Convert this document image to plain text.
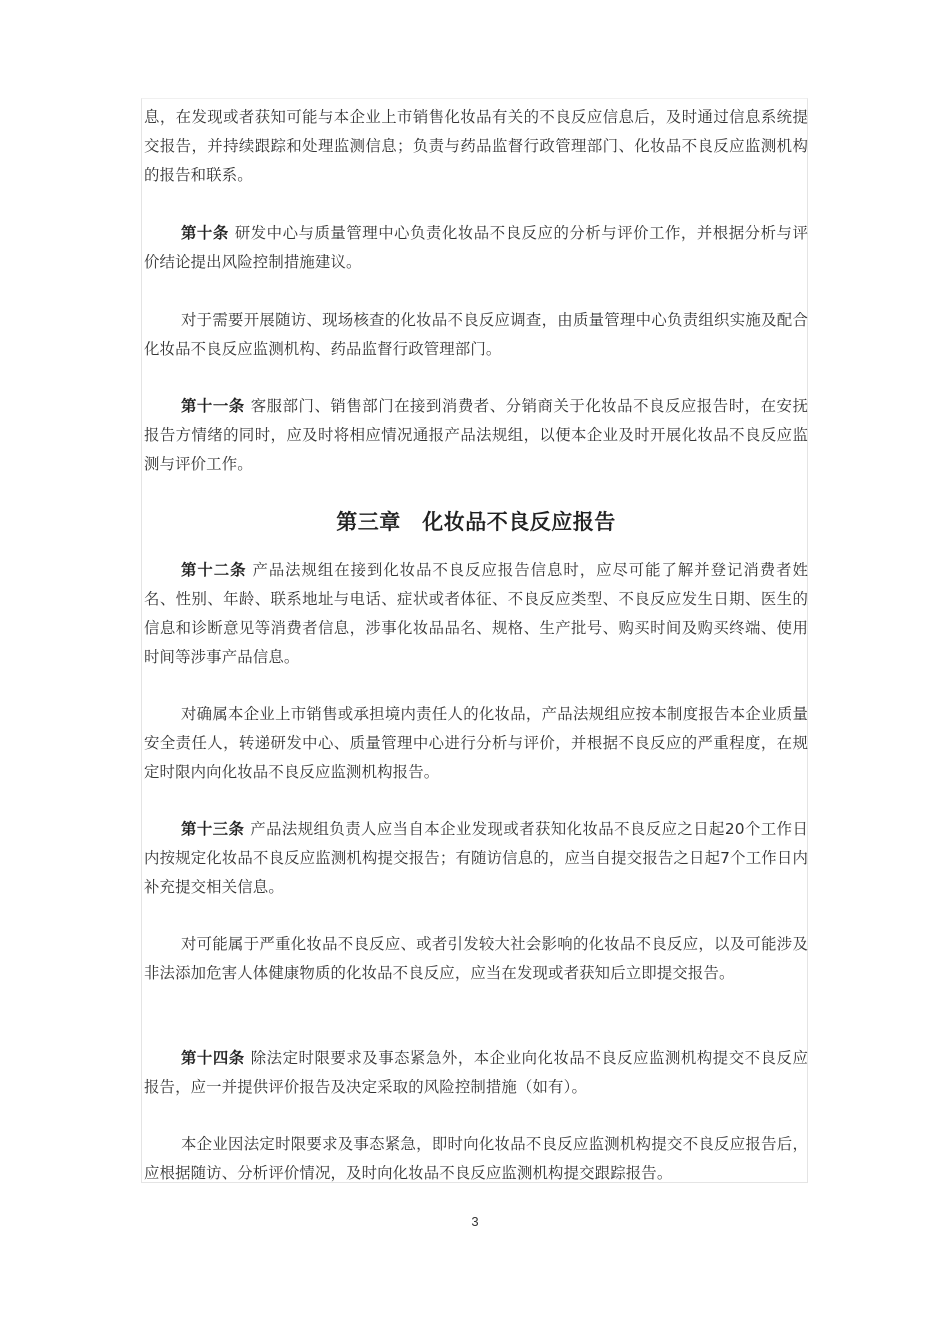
息，在发现或者获知可能与本企业上市销售化妆品有关的不良反应信息后，及时通过信息系统提交报告，并持续跟踪和处理监测信息；负责与药品监督行政管理部门、化妆品不良反应监测机构的报告和联系。

第十条 研发中心与质量管理中心负责化妆品不良反应的分析与评价工作，并根据分析与评价结论提出风险控制措施建议。

对于需要开展随访、现场核查的化妆品不良反应调查，由质量管理中心负责组织实施及配合化妆品不良反应监测机构、药品监督行政管理部门。

第十一条 客服部门、销售部门在接到消费者、分销商关于化妆品不良反应报告时，在安抚报告方情绪的同时，应及时将相应情况通报产品法规组，以便本企业及时开展化妆品不良反应监测与评价工作。

第三章　化妆品不良反应报告

第十二条 产品法规组在接到化妆品不良反应报告信息时，应尽可能了解并登记消费者姓名、性别、年龄、联系地址与电话、症状或者体征、不良反应类型、不良反应发生日期、医生的信息和诊断意见等消费者信息，涉事化妆品品名、规格、生产批号、购买时间及购买终端、使用时间等涉事产品信息。

对确属本企业上市销售或承担境内责任人的化妆品，产品法规组应按本制度报告本企业质量安全责任人，转递研发中心、质量管理中心进行分析与评价，并根据不良反应的严重程度，在规定时限内向化妆品不良反应监测机构报告。

第十三条 产品法规组负责人应当自本企业发现或者获知化妆品不良反应之日起20个工作日内按规定化妆品不良反应监测机构提交报告；有随访信息的，应当自提交报告之日起7个工作日内补充提交相关信息。

对可能属于严重化妆品不良反应、或者引发较大社会影响的化妆品不良反应，以及可能涉及非法添加危害人体健康物质的化妆品不良反应，应当在发现或者获知后立即提交报告。

第十四条 除法定时限要求及事态紧急外，本企业向化妆品不良反应监测机构提交不良反应报告，应一并提供评价报告及决定采取的风险控制措施（如有）。

本企业因法定时限要求及事态紧急，即时向化妆品不良反应监测机构提交不良反应报告后，应根据随访、分析评价情况，及时向化妆品不良反应监测机构提交跟踪报告。

3
